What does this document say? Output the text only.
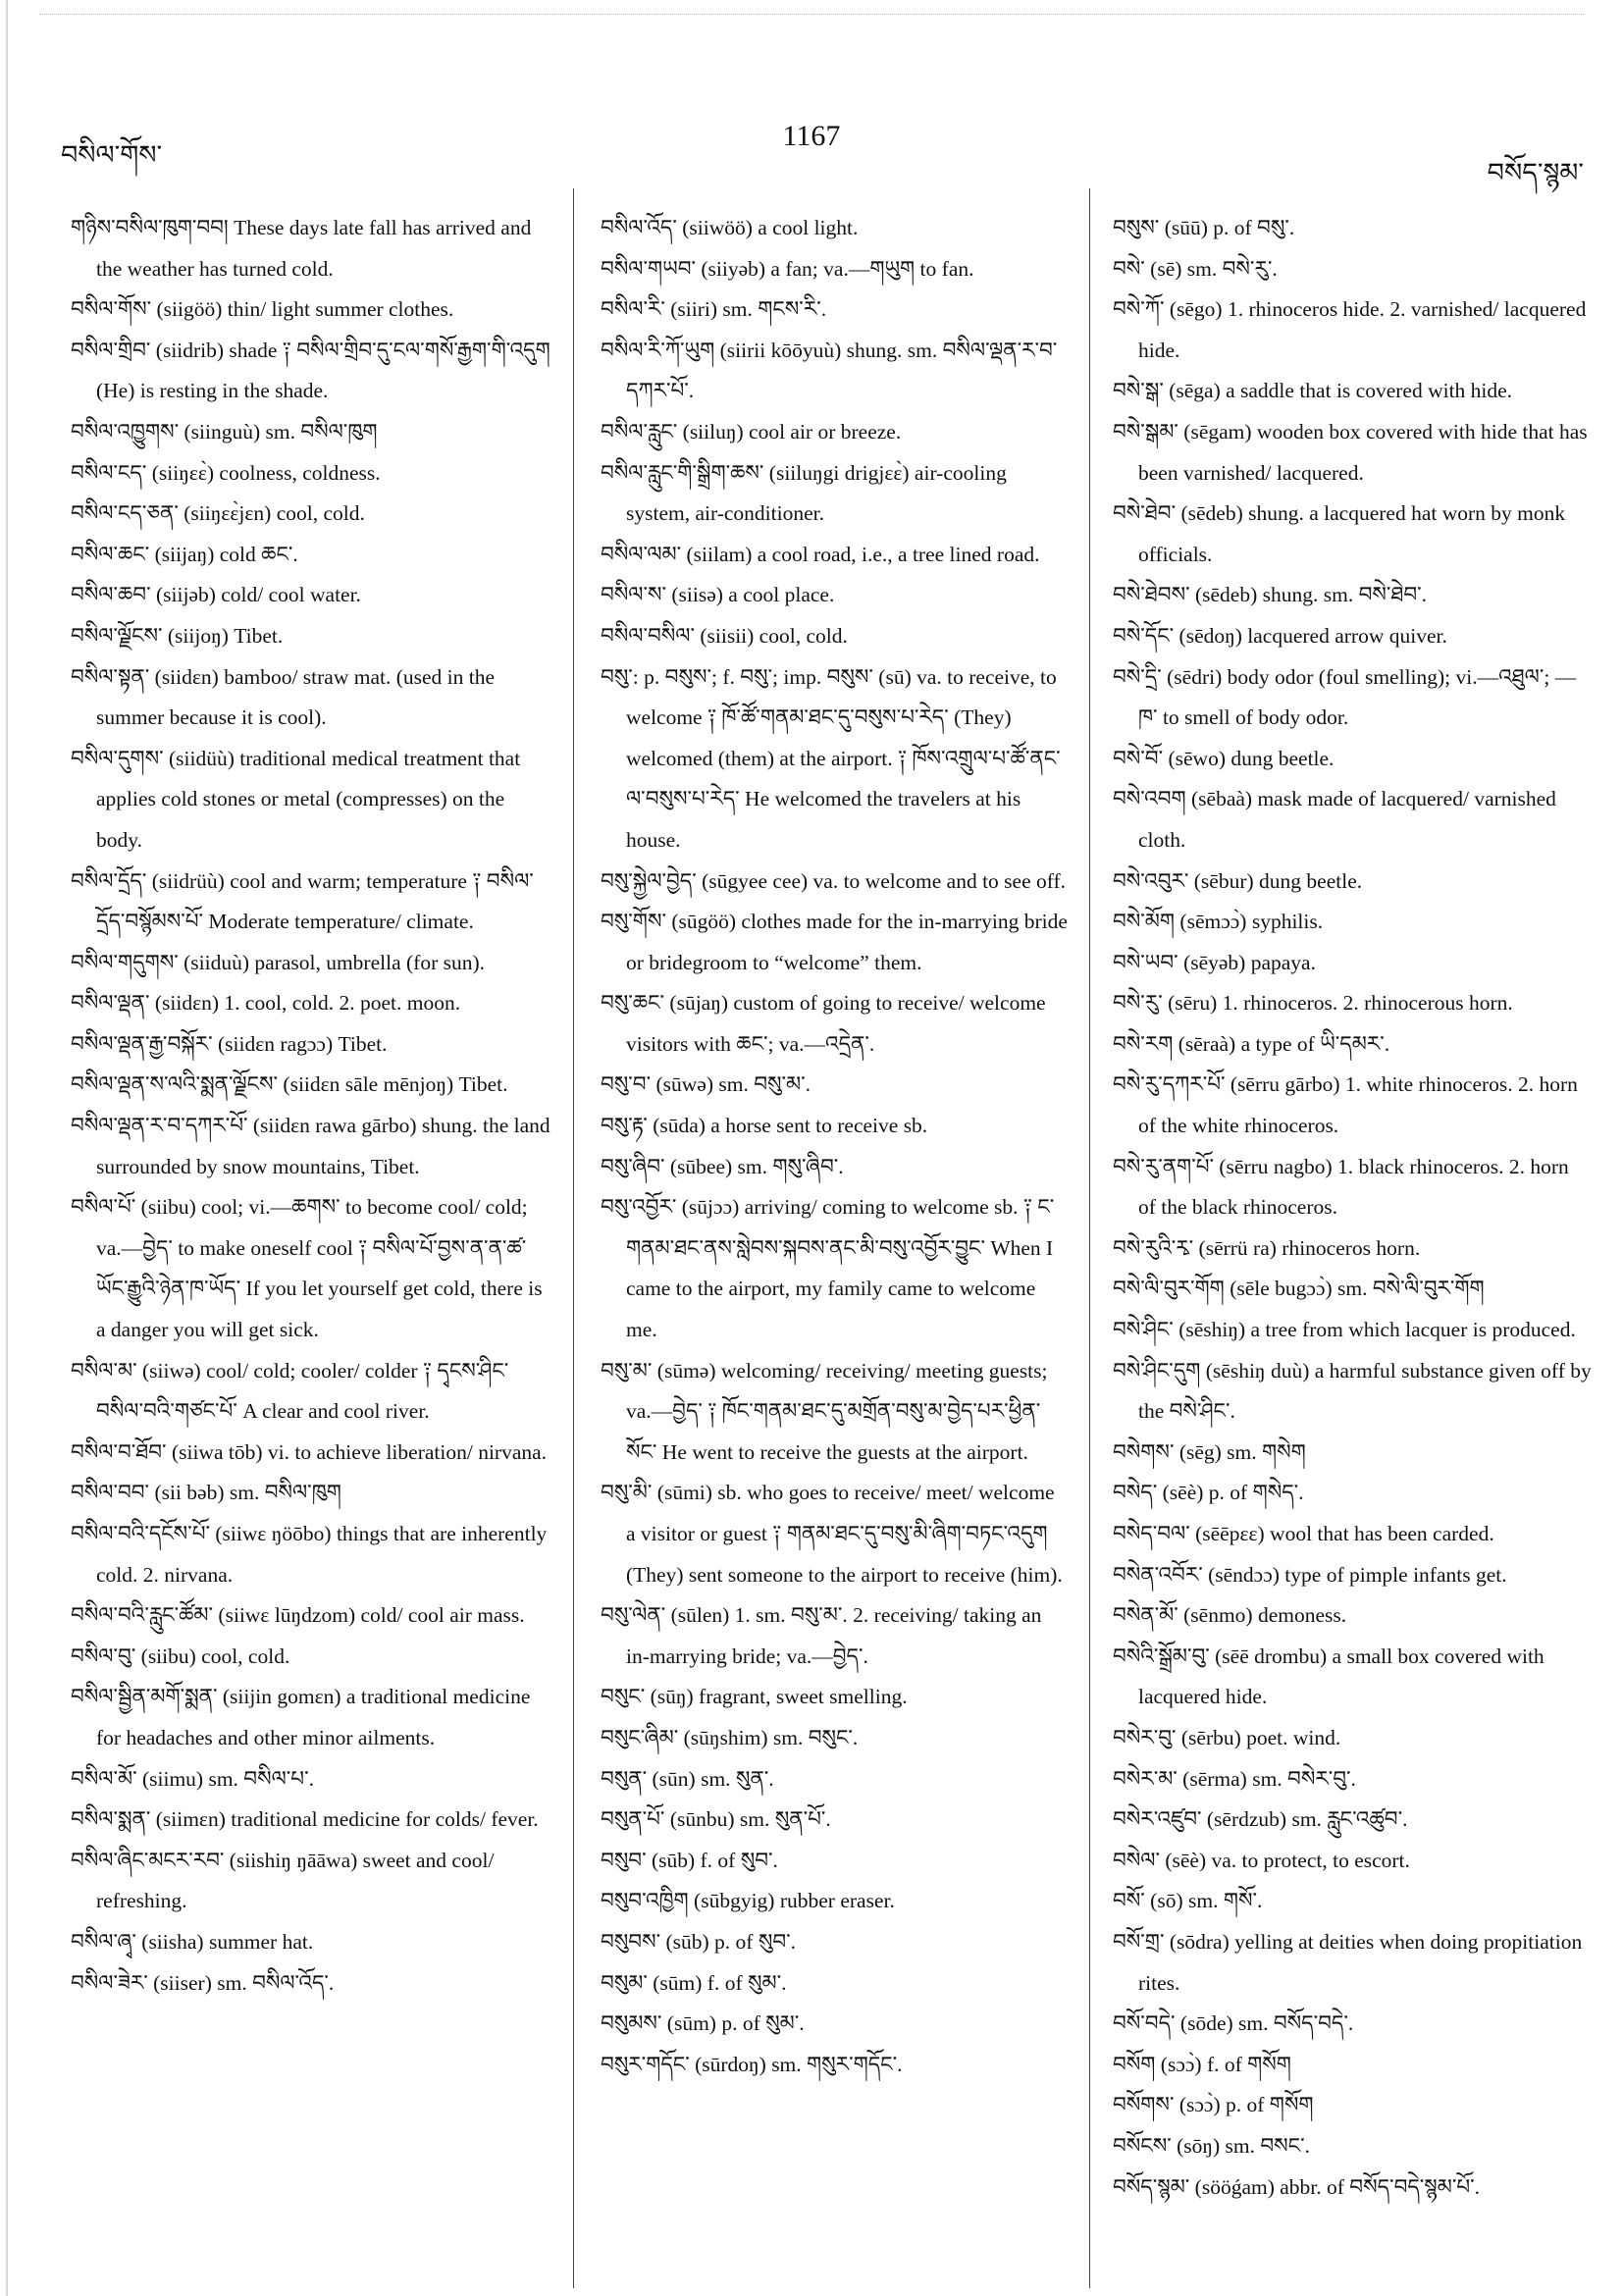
བསིལ་གོས་
1167
བསོད་སྙམ་
གཉིས་བསིལ་ཁུག་བབ། These days late fall has arrived and the weather has turned cold.
བསིལ་གོས་ (siigöö) thin/ light summer clothes.
བསིལ་གྲིབ་ (siidrib) shade ༑ བསིལ་གྲིབ་དུ་ངལ་གསོ་རྒྱག་གི་འདུག (He) is resting in the shade.
བསིལ་འཁྱུགས་ (siinguù) sm. བསིལ་ཁུག
བསིལ་ངད་ (siiŋɛɛ̀) coolness, coldness.
བསིལ་ངད་ཅན་ (siiŋɛɛ̀jɛn) cool, cold.
བསིལ་ཆང་ (siijaŋ) cold ཆང་.
བསིལ་ཆབ་ (siijəb) cold/ cool water.
བསིལ་ལྗོངས་ (siijoŋ) Tibet.
བསིལ་སྟན་ (siidɛn) bamboo/ straw mat. (used in the summer because it is cool).
བསིལ་དུགས་ (siidüù) traditional medical treatment that applies cold stones or metal (compresses) on the body.
བསིལ་དྲོད་ (siidrüù) cool and warm; temperature ༑ བསིལ་དྲོད་བསྙོམས་པོ་ Moderate temperature/ climate.
བསིལ་གདུགས་ (siiduù) parasol, umbrella (for sun).
བསིལ་ལྡན་ (siidɛn) 1. cool, cold. 2. poet. moon.
བསིལ་ལྡན་རྒྱ་བསྐོར་ (siidɛn ragɔɔ) Tibet.
བསིལ་ལྡན་ས་ལའི་སྨན་ལྗོངས་ (siidɛn sāle mēnjoŋ) Tibet.
བསིལ་ལྡན་ར་བ་དཀར་པོ་ (siidɛn rawa gārbo) shung. the land surrounded by snow mountains, Tibet.
བསིལ་པོ་ (siibu) cool; vi.—ཆགས་ to become cool/ cold; va.—བྱེད་ to make oneself cool ༑ བསིལ་པོ་བྱས་ན་ན་ཚ་ཡོང་རྒྱུའི་ཉེན་ཁ་ཡོད་ If you let yourself get cold, there is a danger you will get sick.
བསིལ་མ་ (siiwə) cool/ cold; cooler/ colder ༑ དྭངས་ཤིང་བསིལ་བའི་གཙང་པོ་ A clear and cool river.
བསིལ་བ་ཐོབ་ (siiwa tōb) vi. to achieve liberation/ nirvana.
བསིལ་བབ་ (sii bəb) sm. བསིལ་ཁུག
བསིལ་བའི་དངོས་པོ་ (siiwɛ ŋöōbo) things that are inherently cold. 2. nirvana.
བསིལ་བའི་རླུང་ཚོམ་ (siiwɛ lūŋdzom) cold/ cool air mass.
བསིལ་བུ་ (siibu) cool, cold.
བསིལ་སྦྱིན་མགོ་སྨན་ (siijin gomɛn) a traditional medicine for headaches and other minor ailments.
བསིལ་མོ་ (siimu) sm. བསིལ་པ་.
བསིལ་སྨན་ (siimɛn) traditional medicine for colds/ fever.
བསིལ་ཞིང་མངར་རབ་ (siishiŋ ŋāāwa) sweet and cool/ refreshing.
བསིལ་ཞྭ་ (siisha) summer hat.
བསིལ་ཟེར་ (siiser) sm. བསིལ་འོད་.
བསིལ་འོད་ (siiwöö) a cool light.
བསིལ་གཡབ་ (siiyəb) a fan; va.—གཡུག to fan.
བསིལ་རི་ (siiri) sm. གངས་རི་.
བསིལ་རི་ཀོ་ཡུག (siirii kōōyuù) shung. sm. བསིལ་ལྡན་ར་བ་དཀར་པོ་.
བསིལ་རླུང་ (siiluŋ) cool air or breeze.
བསིལ་རླུང་གི་སྒྲིག་ཆས་ (siiluŋgi drigjɛɛ̀) air-cooling system, air-conditioner.
བསིལ་ལམ་ (siilam) a cool road, i.e., a tree lined road.
བསིལ་ས་ (siisə) a cool place.
བསིལ་བསིལ་ (siisii) cool, cold.
བསུ་: p. བསུས་; f. བསུ་; imp. བསུས་ (sū) va. to receive, to welcome ༑ ཁོ་ཚོ་གནམ་ཐང་དུ་བསུས་པ་རེད་ (They) welcomed (them) at the airport. ༑ ཁོས་འགྲུལ་པ་ཚོ་ནང་ལ་བསུས་པ་རེད་ He welcomed the travelers at his house.
བསུ་སྐྱེལ་བྱེད་ (sūgyee cee) va. to welcome and to see off.
བསུ་གོས་ (sūgöö) clothes made for the in-marrying bride or bridegroom to “welcome” them.
བསུ་ཆང་ (sūjaŋ) custom of going to receive/ welcome visitors with ཆང་; va.—འདྲེན་.
བསུ་བ་ (sūwə) sm. བསུ་མ་.
བསུ་རྟ་ (sūda) a horse sent to receive sb.
བསུ་ཞིབ་ (sūbee) sm. གསུ་ཞིབ་.
བསུ་འབྱོར་ (sūjɔɔ) arriving/ coming to welcome sb. ༑ ང་གནམ་ཐང་ནས་སླེབས་སྐབས་ནང་མི་བསུ་འབྱོར་བྱུང་ When I came to the airport, my family came to welcome me.
བསུ་མ་ (sūmə) welcoming/ receiving/ meeting guests; va.—བྱེད་ ༑ ཁོང་གནམ་ཐང་དུ་མགྲོན་བསུ་མ་བྱེད་པར་ཕྱིན་སོང་ He went to receive the guests at the airport.
བསུ་མི་ (sūmi) sb. who goes to receive/ meet/ welcome a visitor or guest ༑ གནམ་ཐང་དུ་བསུ་མི་ཞིག་བཏང་འདུག (They) sent someone to the airport to receive (him).
བསུ་ལེན་ (sūlen) 1. sm. བསུ་མ་. 2. receiving/ taking an in-marrying bride; va.—བྱེད་.
བསུང་ (sūŋ) fragrant, sweet smelling.
བསུང་ཞིམ་ (sūŋshim) sm. བསུང་.
བསུན་ (sūn) sm. སུན་.
བསུན་པོ་ (sūnbu) sm. སུན་པོ་.
བསུབ་ (sūb) f. of སུབ་.
བསུབ་འཁྱིག (sūbgyig) rubber eraser.
བསུབས་ (sūb) p. of སུབ་.
བསུམ་ (sūm) f. of སུམ་.
བསུམས་ (sūm) p. of སུམ་.
བསུར་གདོང་ (sūrdoŋ) sm. གསུར་གདོང་.
བསུས་ (sūū) p. of བསུ་.
བསེ་ (sē) sm. བསེ་རུ་.
བསེ་ཀོ་ (sēgo) 1. rhinoceros hide. 2. varnished/ lacquered hide.
བསེ་སྒ་ (sēga) a saddle that is covered with hide.
བསེ་སྒམ་ (sēgam) wooden box covered with hide that has been varnished/ lacquered.
བསེ་ཐེབ་ (sēdeb) shung. a lacquered hat worn by monk officials.
བསེ་ཐེབས་ (sēdeb) shung. sm. བསེ་ཐེབ་.
བསེ་དོང་ (sēdoŋ) lacquered arrow quiver.
བསེ་དྲི་ (sēdri) body odor (foul smelling); vi.—འཐུལ་; —ཁ་ to smell of body odor.
བསེ་བོ་ (sēwo) dung beetle.
བསེ་འབག (sēbaà) mask made of lacquered/ varnished cloth.
བསེ་འབུར་ (sēbur) dung beetle.
བསེ་མོག (sēmɔɔ̀) syphilis.
བསེ་ཡབ་ (sēyəb) papaya.
བསེ་རུ་ (sēru) 1. rhinoceros. 2. rhinocerous horn.
བསེ་རག (sēraà) a type of ཡི་དམར་.
བསེ་རུ་དཀར་པོ་ (sērru gārbo) 1. white rhinoceros. 2. horn of the white rhinoceros.
བསེ་རུ་ནག་པོ་ (sērru nagbo) 1. black rhinoceros. 2. horn of the black rhinoceros.
བསེ་རུའི་རྭ་ (sērrü ra) rhinoceros horn.
བསེ་ལི་བུར་གོག (sēle bugɔɔ̀) sm. བསེ་ལི་བུར་གོག
བསེ་ཤིང་ (sēshiŋ) a tree from which lacquer is produced.
བསེ་ཤིང་དུག (sēshiŋ duù) a harmful substance given off by the བསེ་ཤིང་.
བསེགས་ (sēg) sm. གསེག
བསེད་ (sēè) p. of གསེད་.
བསེད་བལ་ (sēēpɛɛ) wool that has been carded.
བསེན་འབོར་ (sēndɔɔ) type of pimple infants get.
བསེན་མོ་ (sēnmo) demoness.
བསེའི་སྒྲོམ་བུ་ (sēē drombu) a small box covered with lacquered hide.
བསེར་བུ་ (sērbu) poet. wind.
བསེར་མ་ (sērma) sm. བསེར་བུ་.
བསེར་འཛུབ་ (sērdzub) sm. རླུང་འཚུབ་.
བསེལ་ (sēè) va. to protect, to escort.
བསོ་ (sō) sm. གསོ་.
བསོ་གྲ་ (sōdra) yelling at deities when doing propitiation rites.
བསོ་བདེ་ (sōde) sm. བསོད་བདེ་.
བསོག (sɔɔ̀) f. of གསོག
བསོགས་ (sɔɔ̀) p. of གསོག
བསོངས་ (sōŋ) sm. བསང་.
བསོད་སྙམ་ (sööǵam) abbr. of བསོད་བདེ་སྙམ་པོ་.
